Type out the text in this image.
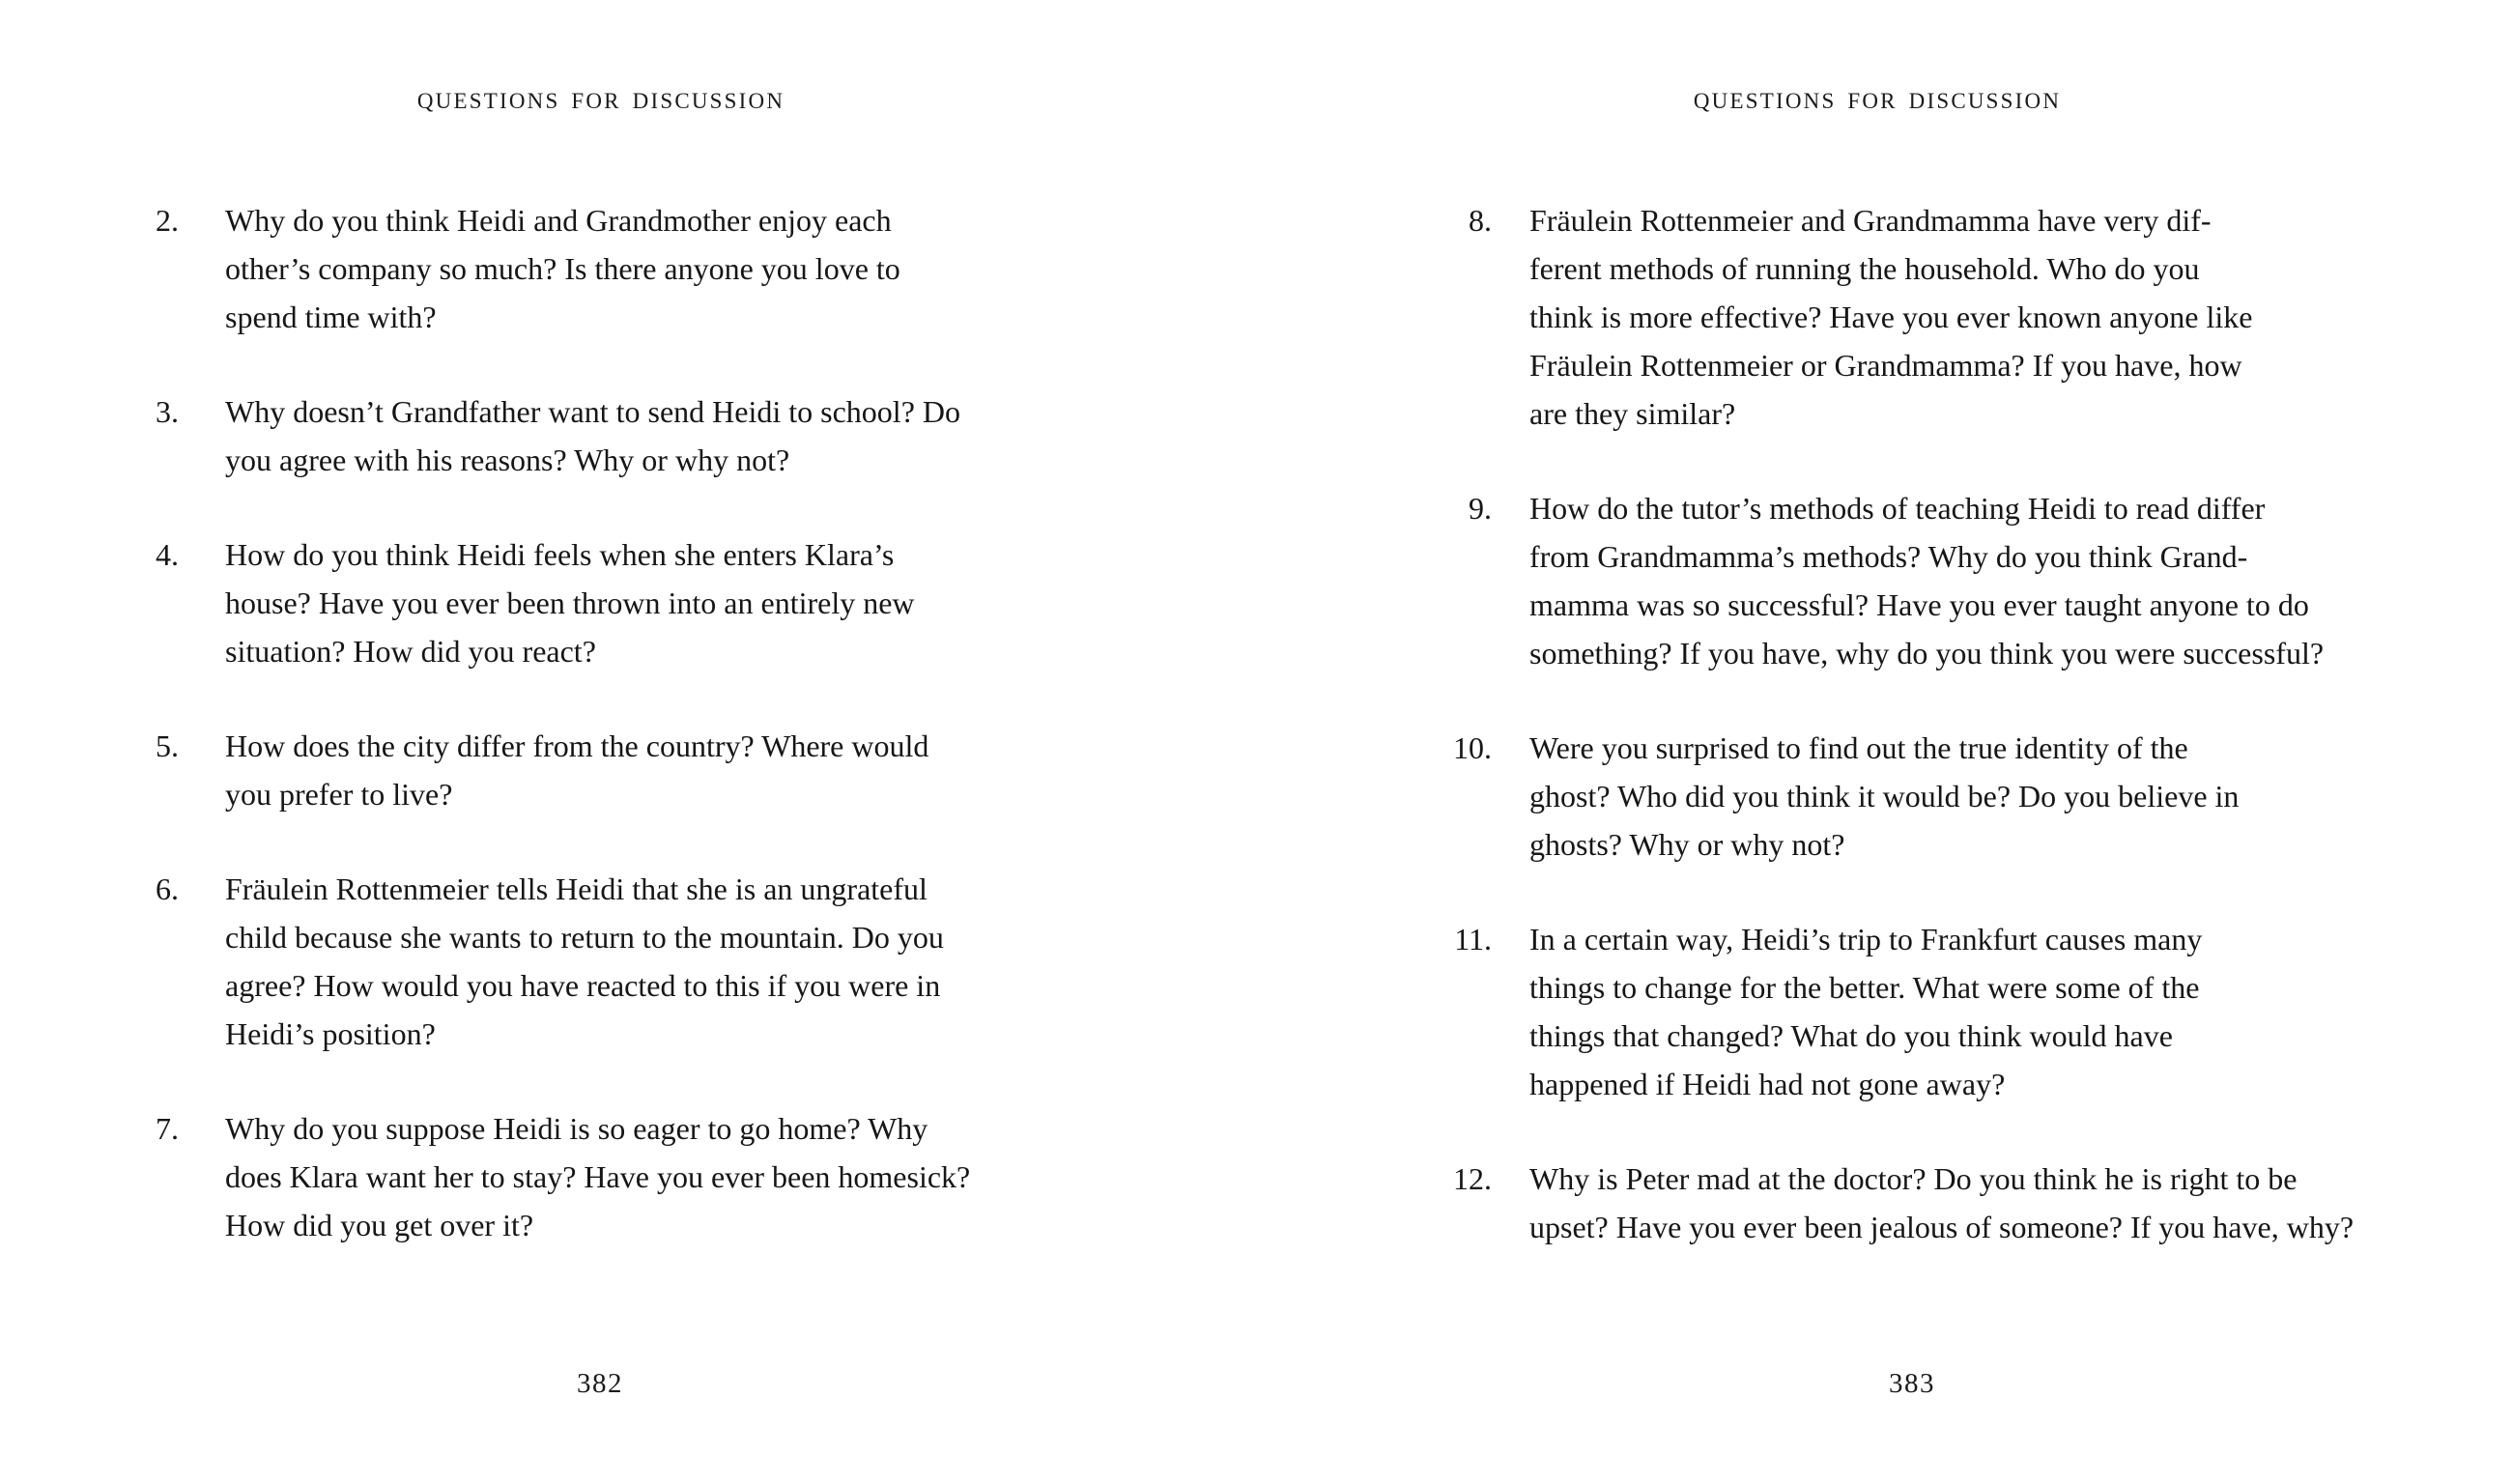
QUESTIONS FOR DISCUSSION
2. Why do you think Heidi and Grandmother enjoy each
other’s company so much? Is there anyone you love to
spend time with?
3. Why doesn’t Grandfather want to send Heidi to school? Do
you agree with his reasons? Why or why not?
4. How do you think Heidi feels when she enters Klara’s
house? Have you ever been thrown into an entirely new
situation? How did you react?
5. How does the city differ from the country? Where would
you prefer to live?
6. Fräulein Rottenmeier tells Heidi that she is an ungrateful
child because she wants to return to the mountain. Do you
agree? How would you have reacted to this if you were in
Heidi’s position?
7. Why do you suppose Heidi is so eager to go home? Why
does Klara want her to stay? Have you ever been homesick?
How did you get over it?
382
QUESTIONS FOR DISCUSSION
8. Fräulein Rottenmeier and Grandmamma have very dif-
ferent methods of running the household. Who do you
think is more effective? Have you ever known anyone like
Fräulein Rottenmeier or Grandmamma? If you have, how
are they similar?
9. How do the tutor’s methods of teaching Heidi to read differ
from Grandmamma’s methods? Why do you think Grand-
mamma was so successful? Have you ever taught anyone to do
something? If you have, why do you think you were successful?
10. Were you surprised to find out the true identity of the
ghost? Who did you think it would be? Do you believe in
ghosts? Why or why not?
11. In a certain way, Heidi’s trip to Frankfurt causes many
things to change for the better. What were some of the
things that changed? What do you think would have
happened if Heidi had not gone away?
12. Why is Peter mad at the doctor? Do you think he is right to be
upset? Have you ever been jealous of someone? If you have, why?
383
